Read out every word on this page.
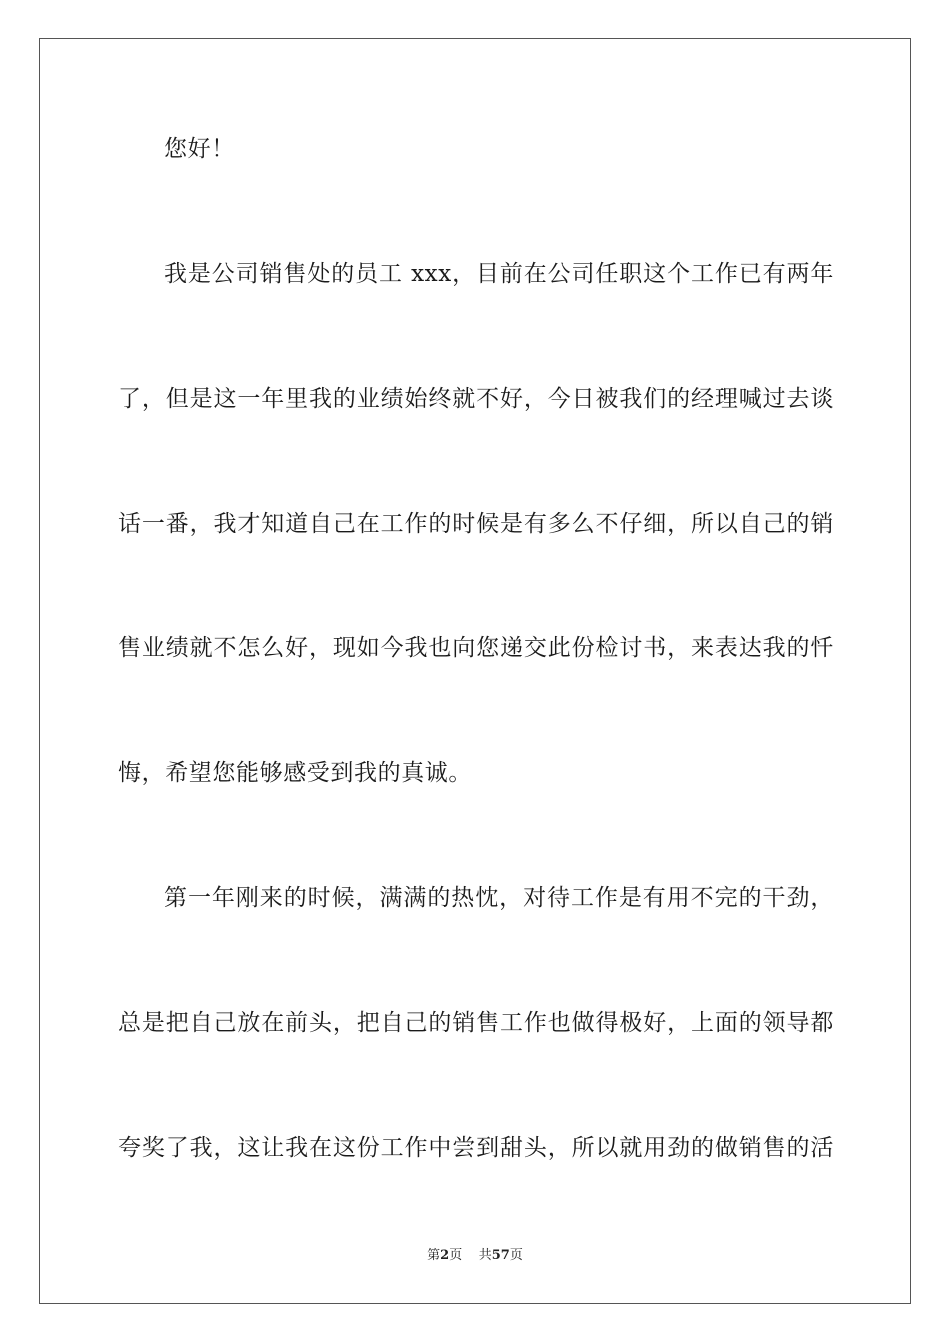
您好！
我是公司销售处的员工 xxx，目前在公司任职这个工作已有两年
了，但是这一年里我的业绩始终就不好，今日被我们的经理喊过去谈
话一番，我才知道自己在工作的时候是有多么不仔细，所以自己的销
售业绩就不怎么好，现如今我也向您递交此份检讨书，来表达我的忏
悔，希望您能够感受到我的真诚。
第一年刚来的时候，满满的热忱，对待工作是有用不完的干劲，
总是把自己放在前头，把自己的销售工作也做得极好，上面的领导都
夸奖了我，这让我在这份工作中尝到甜头，所以就用劲的做销售的活
第2页 共57页
